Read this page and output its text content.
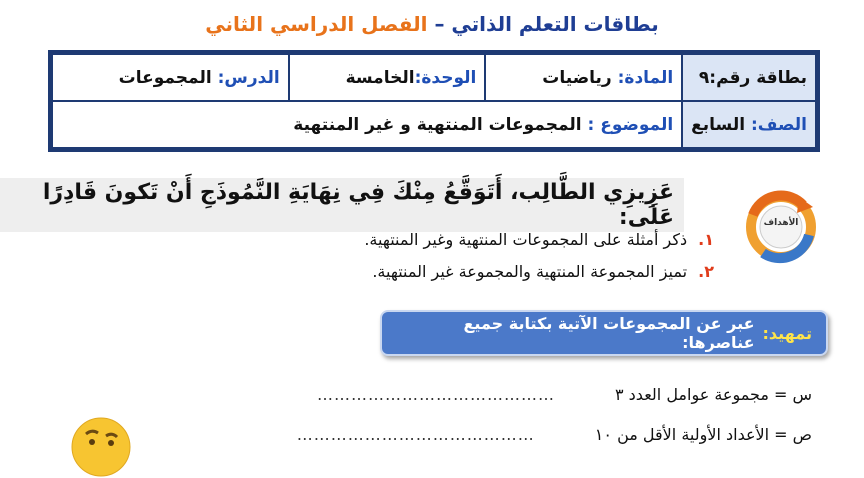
بطاقات التعلم الذاتي – الفصل الدراسي الثاني
بطاقة رقم:٩	المادة: رياضيات	الوحدة:الخامسة	الدرس: المجموعات
الصف: السابع	الموضوع : المجموعات المنتهية و غير المنتهية		
الأهداف
عَزِيزِي الطَّالِب، أَتَوَقَّعُ مِنْكَ فِي نِهَايَةِ النَّمُوذَجِ أَنْ تَكونَ قَادِرًا عَلَى:
١. ذكر أمثلة على المجموعات المنتهية وغير المنتهية.
٢. تميز المجموعة المنتهية والمجموعة غير المنتهية.
تمهيد:
عبر عن المجموعات الآتية بكتابة جميع عناصرها:
س = مجموعة عوامل العدد ٣
……………………………………
ص = الأعداد الأولية الأقل من ١٠
……………………………………
